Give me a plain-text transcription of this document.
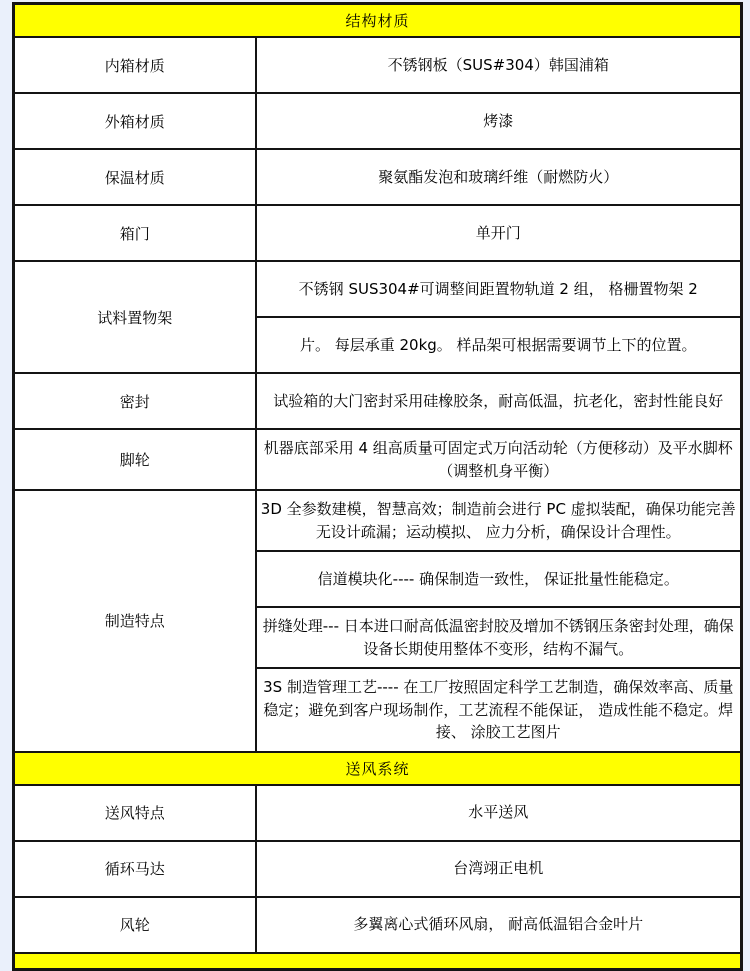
结构材质	
内箱材质	不锈钢板（SUS#304）韩国浦箱
外箱材质	烤漆
保温材质	聚氨酯发泡和玻璃纤维（耐燃防火）
箱门	单开门
试料置物架	不锈钢 SUS304#可调整间距置物轨道 2 组， 格栅置物架 2
	片。 每层承重 20kg。 样品架可根据需要调节上下的位置。
密封	试验箱的大门密封采用硅橡胶条，耐高低温，抗老化，密封性能良好
脚轮	机器底部采用 4 组高质量可固定式万向活动轮（方便移动）及平水脚杯（调整机身平衡）
制造特点	3D 全参数建模，智慧高效；制造前会进行 PC 虚拟装配，确保功能完善无设计疏漏；运动模拟、 应力分析，确保设计合理性。
	信道模块化---- 确保制造一致性， 保证批量性能稳定。
	拼缝处理--- 日本进口耐高低温密封胶及增加不锈钢压条密封处理，确保设备长期使用整体不变形，结构不漏气。
	3S 制造管理工艺---- 在工厂按照固定科学工艺制造，确保效率高、质量稳定；避免到客户现场制作，工艺流程不能保证， 造成性能不稳定。焊接、 涂胶工艺图片
送风系统	
送风特点	水平送风
循环马达	台湾翊正电机
风轮	多翼离心式循环风扇， 耐高低温铝合金叶片
